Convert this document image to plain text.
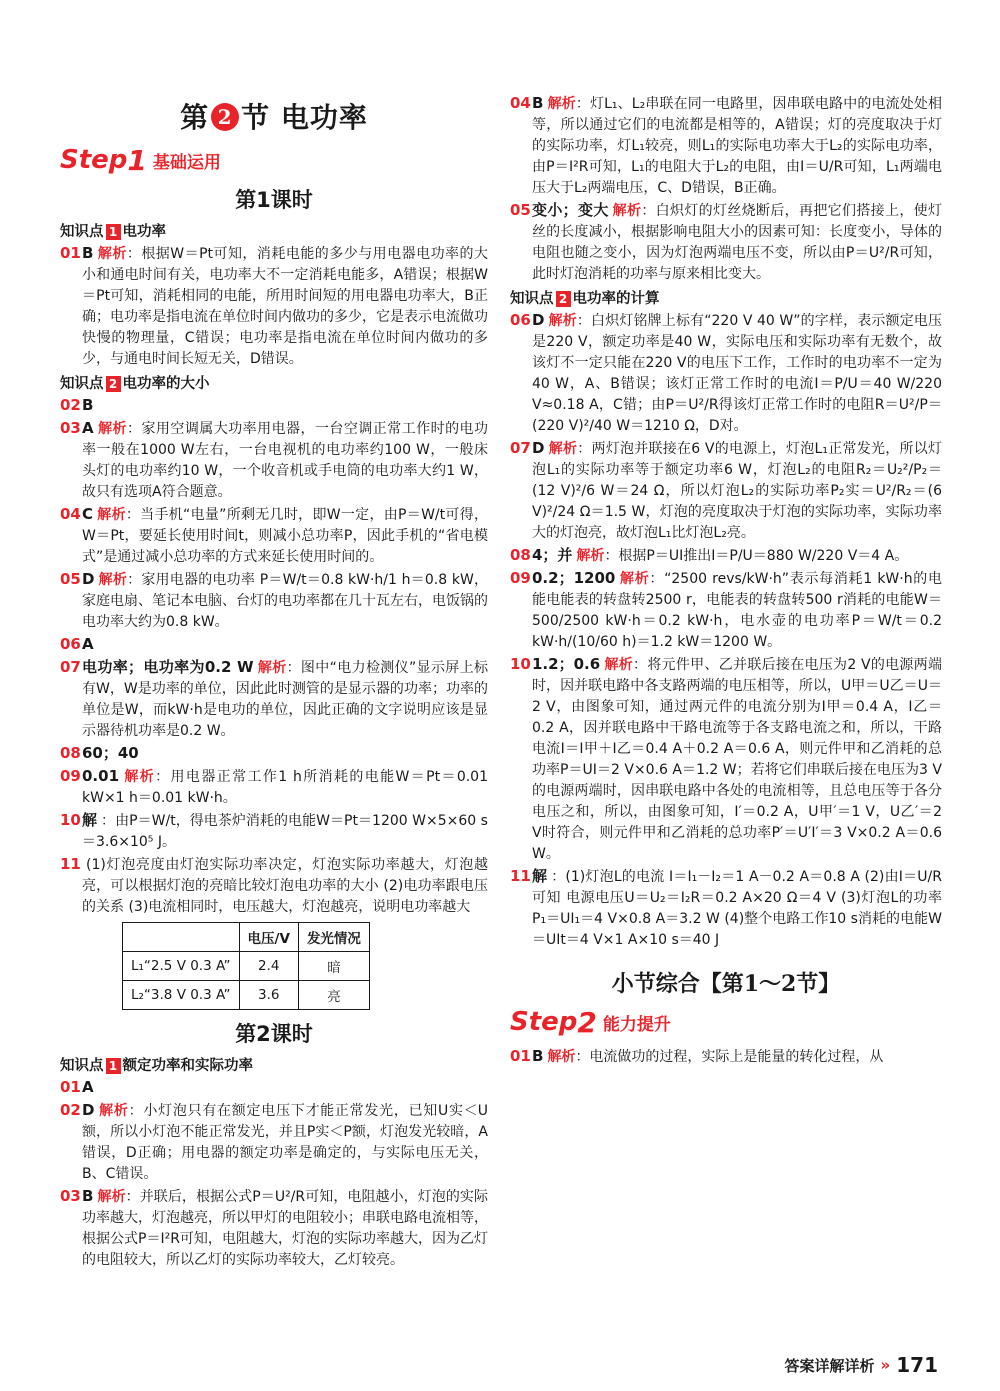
第 2 节 电功率
Step 1 基础运用
第1课时
知识点 1 电功率
01 B 解析：根据W＝Pt可知，消耗电能的多少与用电器电功率的大小和通电时间有关，电功率大不一定消耗电能多，A错误；根据W＝Pt可知，消耗相同的电能，所用时间短的用电器电功率大，B正确；电功率是指电流在单位时间内做功的多少，它是表示电流做功快慢的物理量，C错误；电功率是指电流在单位时间内做功的多少，与通电时间长短无关，D错误。
知识点 2 电功率的大小
02 B
03 A 解析：家用空调属大功率用电器，一台空调正常工作时的电功率一般在1000 W左右，一台电视机的电功率约100 W，一般床头灯的电功率约10 W，一个收音机或手电筒的电功率大约1 W，故只有选项A符合题意。
04 C 解析：当手机“电量”所剩无几时，即W一定，由P＝W/t可得，W＝Pt，要延长使用时间t，则减小总功率P，因此手机的“省电模式”是通过减小总功率的方式来延长使用时间的。
05 D 解析：家用电器的电功率 P＝W/t＝0.8 kW·h/1 h＝0.8 kW，家庭电扇、笔记本电脑、台灯的电功率都在几十瓦左右，电饭锅的电功率大约为0.8 kW。
06 A
07 电功率；电功率为0.2 W 解析：图中“电力检测仪”显示屏上标有W，W是功率的单位，因此此时测管的是显示器的功率；功率的单位是W，而kW·h是电功的单位，因此正确的文字说明应该是显示器待机功率是0.2 W。
08 60；40
09 0.01 解析：用电器正常工作1 h所消耗的电能W＝Pt＝0.01 kW×1 h＝0.01 kW·h。
10 解 ：由P＝W/t，得电茶炉消耗的电能W＝Pt＝1200 W×5×60 s＝3.6×10⁵ J。
11 (1)灯泡亮度由灯泡实际功率决定，灯泡实际功率越大，灯泡越亮，可以根据灯泡的亮暗比较灯泡电功率的大小 (2)电功率跟电压的关系 (3)电流相同时，电压越大，灯泡越亮，说明电功率越大
	电压/V	发光情况
L₁“2.5 V 0.3 A”	2.4	暗
L₂“3.8 V 0.3 A”	3.6	亮
第2课时
知识点 1 额定功率和实际功率
01 A
02 D 解析：小灯泡只有在额定电压下才能正常发光，已知U实＜U额，所以小灯泡不能正常发光，并且P实＜P额，灯泡发光较暗，A错误，D正确；用电器的额定功率是确定的，与实际电压无关，B、C错误。
03 B 解析：并联后，根据公式P＝U²/R可知，电阻越小，灯泡的实际功率越大，灯泡越亮，所以甲灯的电阻较小；串联电路电流相等，根据公式P＝I²R可知，电阻越大，灯泡的实际功率越大，因为乙灯的电阻较大，所以乙灯的实际功率较大，乙灯较亮。
04 B 解析：灯L₁、L₂串联在同一电路里，因串联电路中的电流处处相等，所以通过它们的电流都是相等的，A错误；灯的亮度取决于灯的实际功率，灯L₁较亮，则L₁的实际电功率大于L₂的实际电功率，由P＝I²R可知，L₁的电阻大于L₂的电阻，由I＝U/R可知，L₁两端电压大于L₂两端电压，C、D错误，B正确。
05 变小；变大 解析：白炽灯的灯丝烧断后，再把它们搭接上，使灯丝的长度减小，根据影响电阻大小的因素可知：长度变小，导体的电阻也随之变小，因为灯泡两端电压不变，所以由P＝U²/R可知，此时灯泡消耗的功率与原来相比变大。
知识点 2 电功率的计算
06 D 解析：白炽灯铭牌上标有“220 V 40 W”的字样，表示额定电压是220 V，额定功率是40 W，实际电压和实际功率有无数个，故该灯不一定只能在220 V的电压下工作，工作时的电功率不一定为40 W，A、B错误；该灯正常工作时的电流I＝P/U＝40 W/220 V≈0.18 A，C错；由P＝U²/R得该灯正常工作时的电阻R＝U²/P＝(220 V)²/40 W＝1210 Ω，D对。
07 D 解析：两灯泡并联接在6 V的电源上，灯泡L₁正常发光，所以灯泡L₁的实际功率等于额定功率6 W，灯泡L₂的电阻R₂＝U₂²/P₂＝(12 V)²/6 W＝24 Ω，所以灯泡L₂的实际功率P₂实＝U²/R₂＝(6 V)²/24 Ω＝1.5 W，灯泡的亮度取决于灯泡的实际功率，实际功率大的灯泡亮，故灯泡L₁比灯泡L₂亮。
08 4；并 解析：根据P＝UI推出I＝P/U＝880 W/220 V＝4 A。
09 0.2；1200 解析：“2500 revs/kW·h”表示每消耗1 kW·h的电能电能表的转盘转2500 r，电能表的转盘转500 r消耗的电能W＝500/2500 kW·h＝0.2 kW·h，电水壶的电功率P＝W/t＝0.2 kW·h/(10/60 h)＝1.2 kW＝1200 W。
10 1.2；0.6 解析：将元件甲、乙并联后接在电压为2 V的电源两端时，因并联电路中各支路两端的电压相等，所以，U甲＝U乙＝U＝2 V，由图象可知，通过两元件的电流分别为I甲＝0.4 A，I乙＝0.2 A，因并联电路中干路电流等于各支路电流之和，所以，干路电流I＝I甲＋I乙＝0.4 A＋0.2 A＝0.6 A，则元件甲和乙消耗的总功率P＝UI＝2 V×0.6 A＝1.2 W；若将它们串联后接在电压为3 V的电源两端时，因串联电路中各处的电流相等，且总电压等于各分电压之和，所以，由图象可知，I′＝0.2 A，U甲′＝1 V，U乙′＝2 V时符合，则元件甲和乙消耗的总功率P′＝U′I′＝3 V×0.2 A＝0.6 W。
11 解 ：(1)灯泡L的电流 I＝I₁－I₂＝1 A－0.2 A＝0.8 A (2)由I＝U/R可知 电源电压U＝U₂＝I₂R＝0.2 A×20 Ω＝4 V (3)灯泡L的功率P₁＝UI₁＝4 V×0.8 A＝3.2 W (4)整个电路工作10 s消耗的电能W＝UIt＝4 V×1 A×10 s＝40 J
小节综合【第1～2节】
Step 2 能力提升
01 B 解析：电流做功的过程，实际上是能量的转化过程，从
答案详解详析 » 171
